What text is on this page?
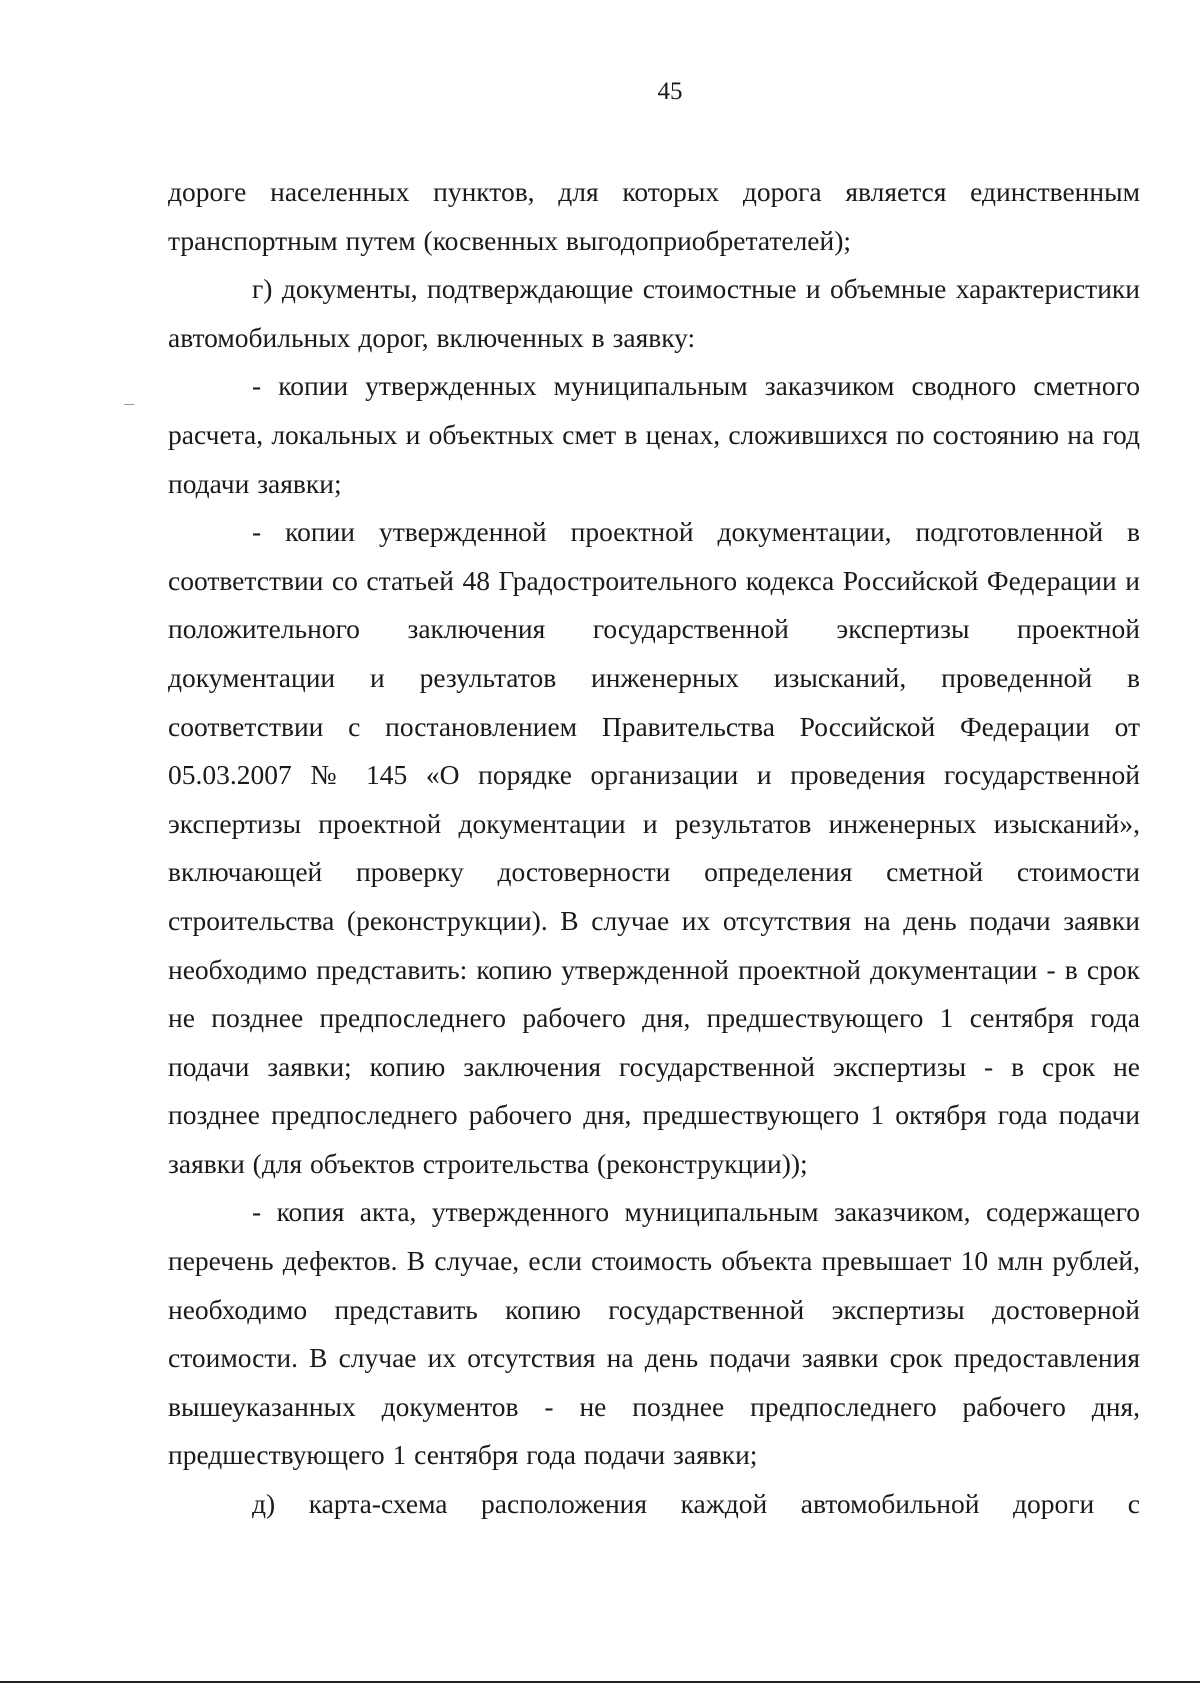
45

дороге населенных пунктов, для которых дорога является единственным транспортным путем (косвенных выгодоприобретателей);

г) документы, подтверждающие стоимостные и объемные характеристики автомобильных дорог, включенных в заявку:

- копии утвержденных муниципальным заказчиком сводного сметного расчета, локальных и объектных смет в ценах, сложившихся по состоянию на год подачи заявки;

- копии утвержденной проектной документации, подготовленной в соответствии со статьей 48 Градостроительного кодекса Российской Федерации и положительного заключения государственной экспертизы проектной документации и результатов инженерных изысканий, проведенной в соответствии с постановлением Правительства Российской Федерации от 05.03.2007 № 145 «О порядке организации и проведения государственной экспертизы проектной документации и результатов инженерных изысканий», включающей проверку достоверности определения сметной стоимости строительства (реконструкции). В случае их отсутствия на день подачи заявки необходимо представить: копию утвержденной проектной документации - в срок не позднее предпоследнего рабочего дня, предшествующего 1 сентября года подачи заявки; копию заключения государственной экспертизы - в срок не позднее предпоследнего рабочего дня, предшествующего 1 октября года подачи заявки (для объектов строительства (реконструкции));

- копия акта, утвержденного муниципальным заказчиком, содержащего перечень дефектов. В случае, если стоимость объекта превышает 10 млн рублей, необходимо представить копию государственной экспертизы достоверной стоимости. В случае их отсутствия на день подачи заявки срок предоставления вышеуказанных документов - не позднее предпоследнего рабочего дня, предшествующего 1 сентября года подачи заявки;

д) карта-схема расположения каждой автомобильной дороги с
